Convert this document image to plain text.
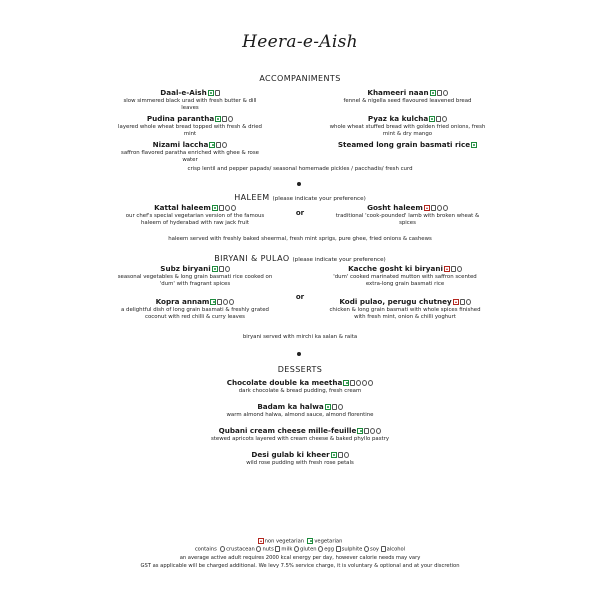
Heera-e-Aish
ACCOMPANIMENTS
Daal-e-Aish
slow simmered black urad with fresh butter & dill leaves
Khameeri naan
fennel & nigella seed flavoured leavened bread
Pudina parantha
layered whole wheat bread topped with fresh & dried mint
Pyaz ka kulcha
whole wheat stuffed bread with golden fried onions, fresh mint & dry mango
Nizami laccha
saffron flavored paratha enriched with ghee & rose water
Steamed long grain basmati rice
crisp lentil and pepper papads/ seasonal homemade pickles / pacchadis/ fresh curd
HALEEM (please indicate your preference)
Kattal haleem
our chef's special vegetarian version of the famous haleem of hyderabad with raw jack fruit
or
Gosht haleem
traditional 'cook-pounded' lamb with broken wheat & spices
haleem served with freshly baked sheermal, fresh mint sprigs, pure ghee, fried onions & cashews
BIRYANI & PULAO (please indicate your preference)
Subz biryani
seasonal vegetables & long grain basmati rice cooked on 'dum' with fragrant spices
Kacche gosht ki biryani
'dum' cooked marinated mutton with saffron scented extra-long grain basmati rice
or
Kopra annam
a delightful dish of long grain basmati & freshly grated coconut with red chilli & curry leaves
Kodi pulao, perugu chutney
chicken & long grain basmati with whole spices finished with fresh mint, onion & chilli yoghurt
biryani served with mirchi ka salan & raita
DESSERTS
Chocolate double ka meetha
dark chocolate & bread pudding, fresh cream
Badam ka halwa
warm almond halwa, almond sauce, almond florentine
Qubani cream cheese mille-feuille
stewed apricots layered with cream cheese & baked phyllo pastry
Desi gulab ki kheer
wild rose pudding with fresh rose petals
non vegetarian vegetarian
contains crustacean nuts milk gluten egg sulphite soy alcohol
an average active adult requires 2000 kcal energy per day, however calorie needs may vary
GST as applicable will be charged additional. We levy 7.5% service charge, it is voluntary & optional and at your discretion
